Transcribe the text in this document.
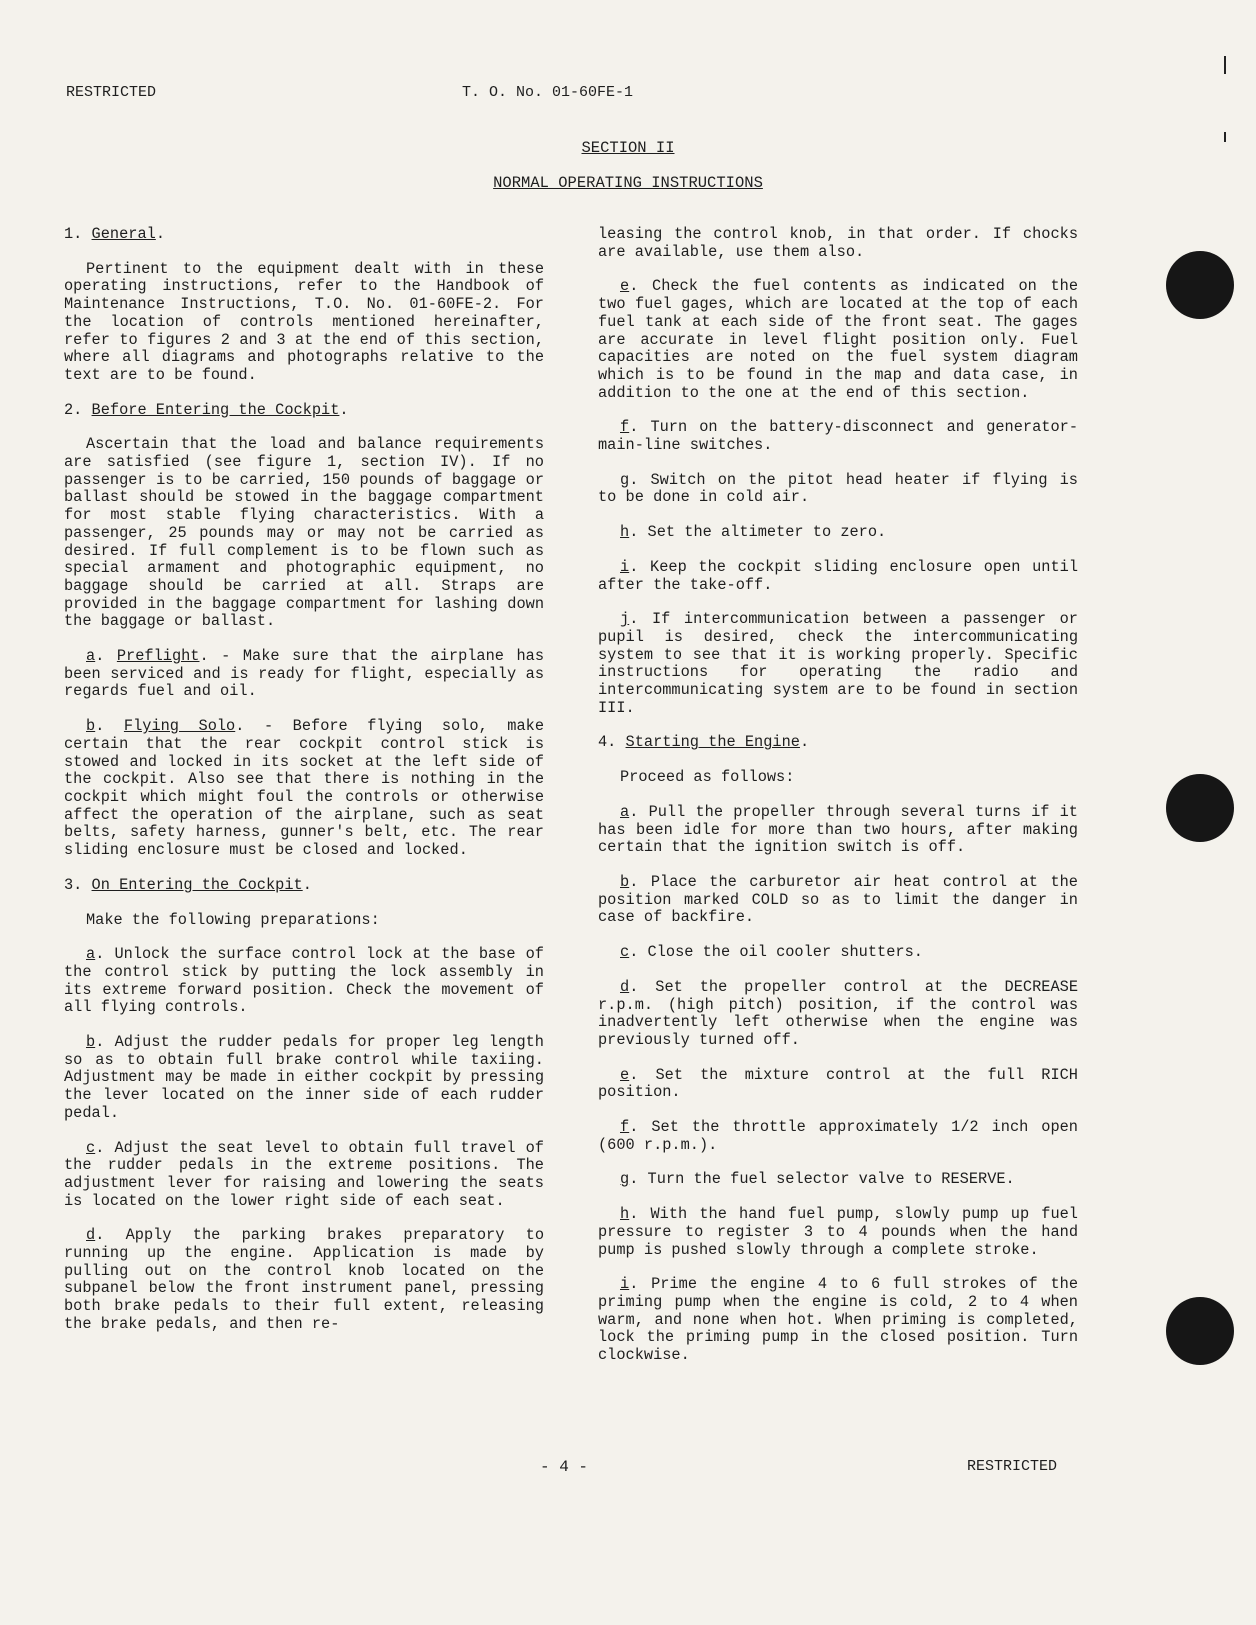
RESTRICTED	T. O. No. 01-60FE-1
SECTION II
NORMAL OPERATING INSTRUCTIONS
1. General.

Pertinent to the equipment dealt with in these operating instructions, refer to the Handbook of Maintenance Instructions, T.O. No. 01-60FE-2. For the location of controls mentioned hereinafter, refer to figures 2 and 3 at the end of this section, where all diagrams and photographs relative to the text are to be found.

2. Before Entering the Cockpit.

Ascertain that the load and balance requirements are satisfied (see figure 1, section IV). If no passenger is to be carried, 150 pounds of baggage or ballast should be stowed in the baggage compartment for most stable flying characteristics. With a passenger, 25 pounds may or may not be carried as desired. If full complement is to be flown such as special armament and photographic equipment, no baggage should be carried at all. Straps are provided in the baggage compartment for lashing down the baggage or ballast.

a. Preflight. - Make sure that the airplane has been serviced and is ready for flight, especially as regards fuel and oil.

b. Flying Solo. - Before flying solo, make certain that the rear cockpit control stick is stowed and locked in its socket at the left side of the cockpit. Also see that there is nothing in the cockpit which might foul the controls or otherwise affect the operation of the airplane, such as seat belts, safety harness, gunner's belt, etc. The rear sliding enclosure must be closed and locked.

3. On Entering the Cockpit.

Make the following preparations:

a. Unlock the surface control lock at the base of the control stick by putting the lock assembly in its extreme forward position. Check the movement of all flying controls.

b. Adjust the rudder pedals for proper leg length so as to obtain full brake control while taxiing. Adjustment may be made in either cockpit by pressing the lever located on the inner side of each rudder pedal.

c. Adjust the seat level to obtain full travel of the rudder pedals in the extreme positions. The adjustment lever for raising and lowering the seats is located on the lower right side of each seat.

d. Apply the parking brakes preparatory to running up the engine. Application is made by pulling out on the control knob located on the subpanel below the front instrument panel, pressing both brake pedals to their full extent, releasing the brake pedals, and then re-

leasing the control knob, in that order. If chocks are available, use them also.

e. Check the fuel contents as indicated on the two fuel gages, which are located at the top of each fuel tank at each side of the front seat. The gages are accurate in level flight position only. Fuel capacities are noted on the fuel system diagram which is to be found in the map and data case, in addition to the one at the end of this section.

f. Turn on the battery-disconnect and generator-main-line switches.

g. Switch on the pitot head heater if flying is to be done in cold air.

h. Set the altimeter to zero.

i. Keep the cockpit sliding enclosure open until after the take-off.

j. If intercommunication between a passenger or pupil is desired, check the intercommunicating system to see that it is working properly. Specific instructions for operating the radio and intercommunicating system are to be found in section III.

4. Starting the Engine.

Proceed as follows:

a. Pull the propeller through several turns if it has been idle for more than two hours, after making certain that the ignition switch is off.

b. Place the carburetor air heat control at the position marked COLD so as to limit the danger in case of backfire.

c. Close the oil cooler shutters.

d. Set the propeller control at the DECREASE r.p.m. (high pitch) position, if the control was inadvertently left otherwise when the engine was previously turned off.

e. Set the mixture control at the full RICH position.

f. Set the throttle approximately 1/2 inch open (600 r.p.m.).

g. Turn the fuel selector valve to RESERVE.

h. With the hand fuel pump, slowly pump up fuel pressure to register 3 to 4 pounds when the hand pump is pushed slowly through a complete stroke.

i. Prime the engine 4 to 6 full strokes of the priming pump when the engine is cold, 2 to 4 when warm, and none when hot. When priming is completed, lock the priming pump in the closed position. Turn clockwise.

- 4 -	RESTRICTED
